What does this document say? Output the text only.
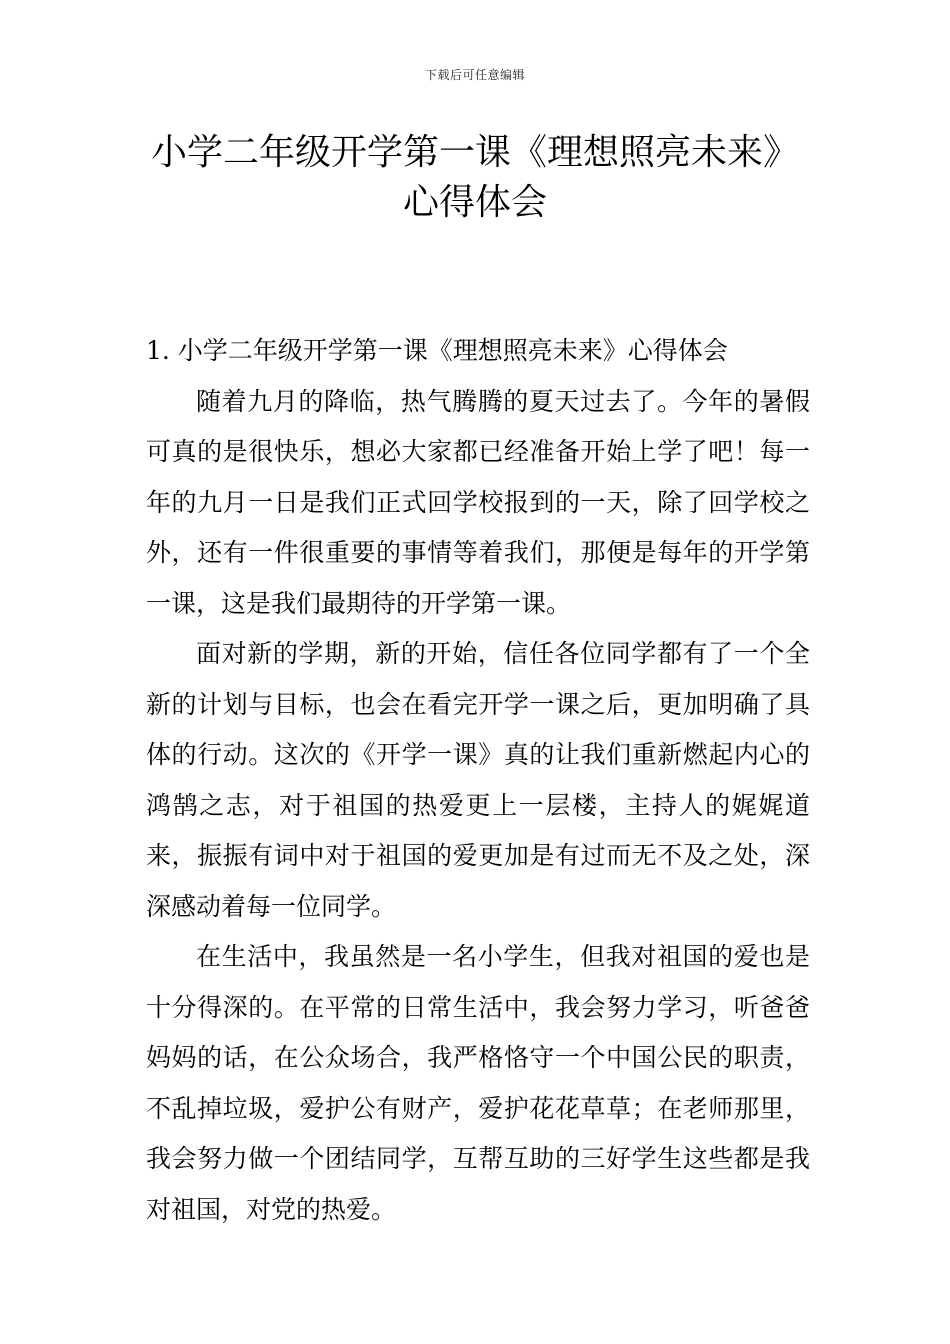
下载后可任意编辑
小学二年级开学第一课《理想照亮未来》
心得体会

1. 小学二年级开学第一课《理想照亮未来》心得体会

随着九月的降临，热气腾腾的夏天过去了。今年的暑假可真的是很快乐，想必大家都已经准备开始上学了吧！每一年的九月一日是我们正式回学校报到的一天，除了回学校之外，还有一件很重要的事情等着我们，那便是每年的开学第一课，这是我们最期待的开学第一课。

面对新的学期，新的开始，信任各位同学都有了一个全新的计划与目标，也会在看完开学一课之后，更加明确了具体的行动。这次的《开学一课》真的让我们重新燃起内心的鸿鹄之志，对于祖国的热爱更上一层楼，主持人的娓娓道来，振振有词中对于祖国的爱更加是有过而无不及之处，深深感动着每一位同学。

在生活中，我虽然是一名小学生，但我对祖国的爱也是十分得深的。在平常的日常生活中，我会努力学习，听爸爸妈妈的话，在公众场合，我严格恪守一个中国公民的职责，不乱掉垃圾，爱护公有财产，爱护花花草草；在老师那里，我会努力做一个团结同学，互帮互助的三好学生这些都是我对祖国，对党的热爱。
